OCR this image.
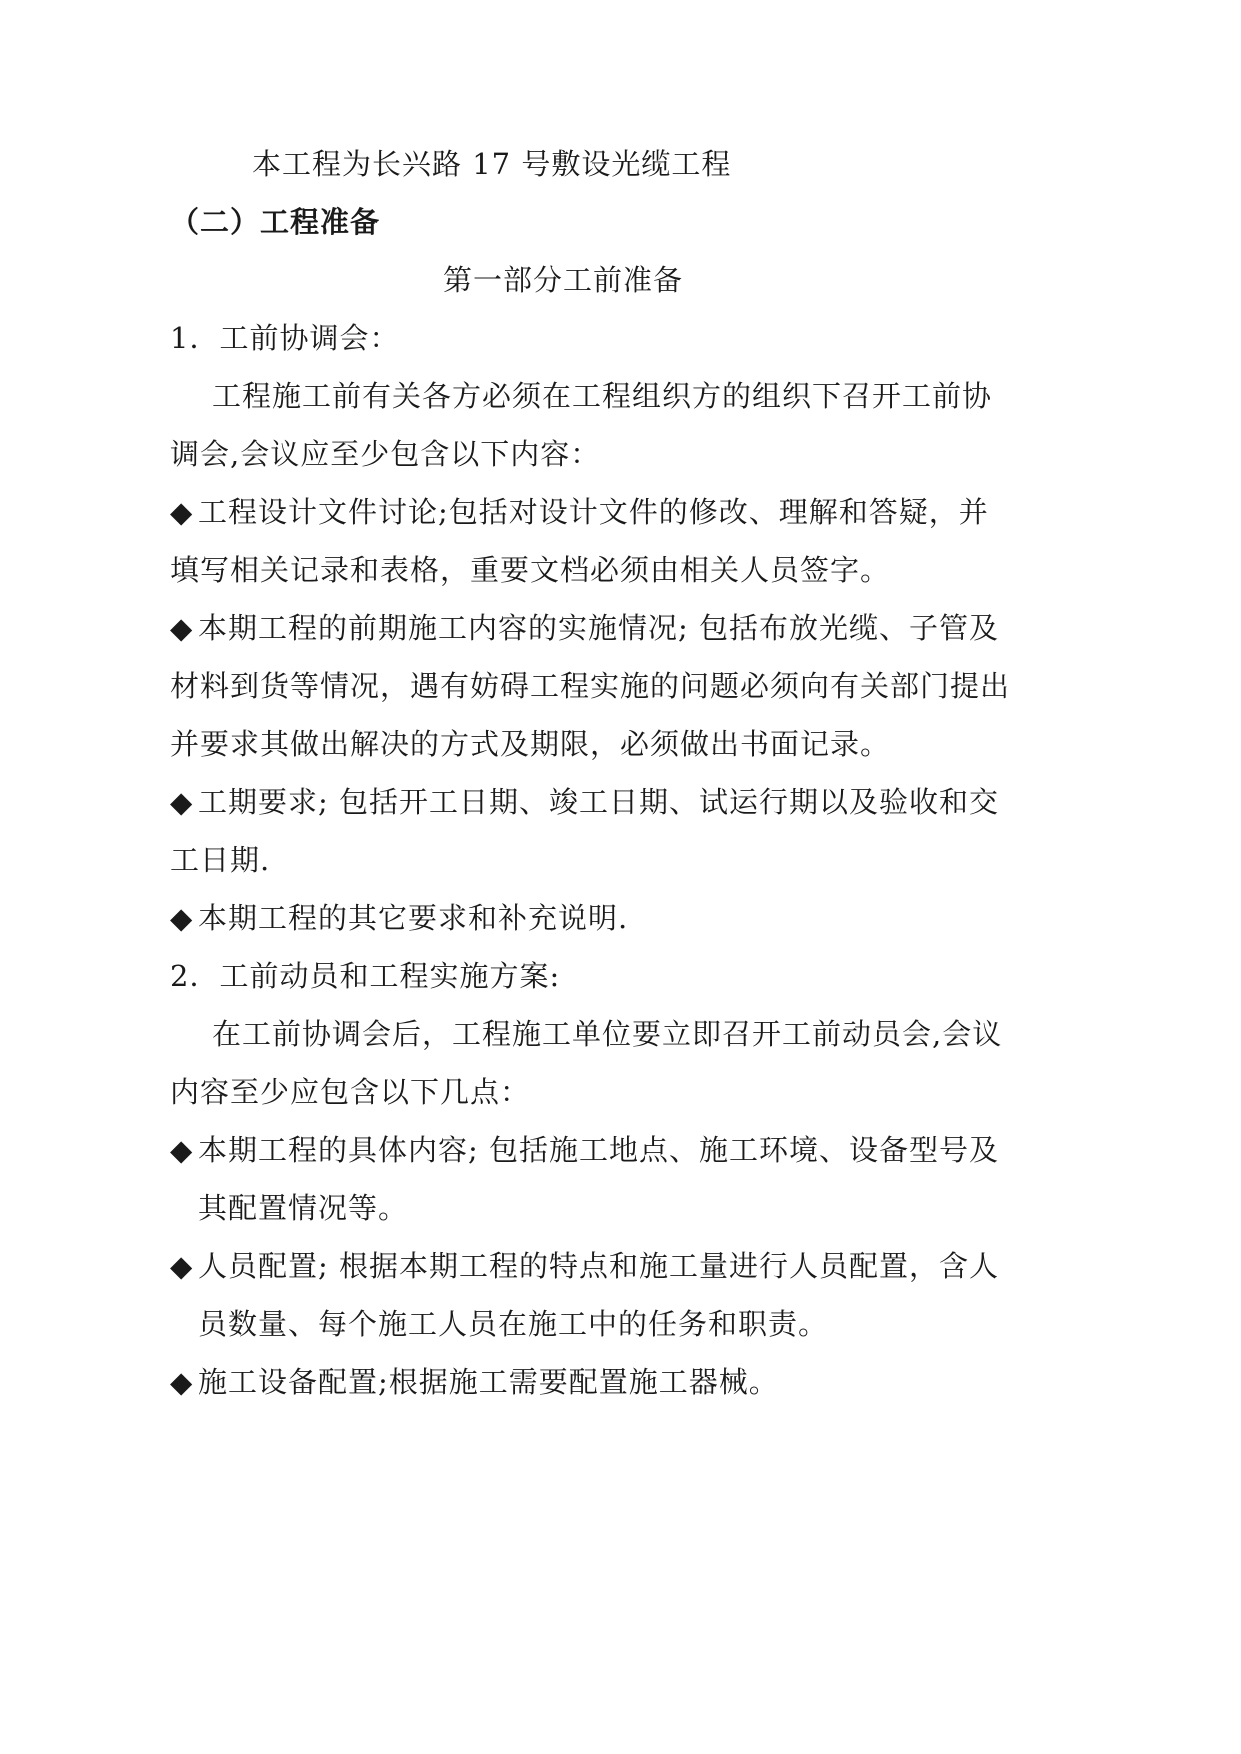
本工程为长兴路 17 号敷设光缆工程
（二）工程准备
第一部分工前准备
1．工前协调会：
工程施工前有关各方必须在工程组织方的组织下召开工前协
调会,会议应至少包含以下内容：
◆ 工程设计文件讨论;包括对设计文件的修改、理解和答疑，并
填写相关记录和表格，重要文档必须由相关人员签字。
◆ 本期工程的前期施工内容的实施情况; 包括布放光缆、子管及
材料到货等情况，遇有妨碍工程实施的问题必须向有关部门提出
并要求其做出解决的方式及期限，必须做出书面记录。
◆ 工期要求; 包括开工日期、竣工日期、试运行期以及验收和交
工日期.
◆ 本期工程的其它要求和补充说明.
2．工前动员和工程实施方案:
在工前协调会后，工程施工单位要立即召开工前动员会,会议
内容至少应包含以下几点：
◆ 本期工程的具体内容; 包括施工地点、施工环境、设备型号及
其配置情况等。
◆ 人员配置; 根据本期工程的特点和施工量进行人员配置，含人
员数量、每个施工人员在施工中的任务和职责。
◆ 施工设备配置;根据施工需要配置施工器械。
